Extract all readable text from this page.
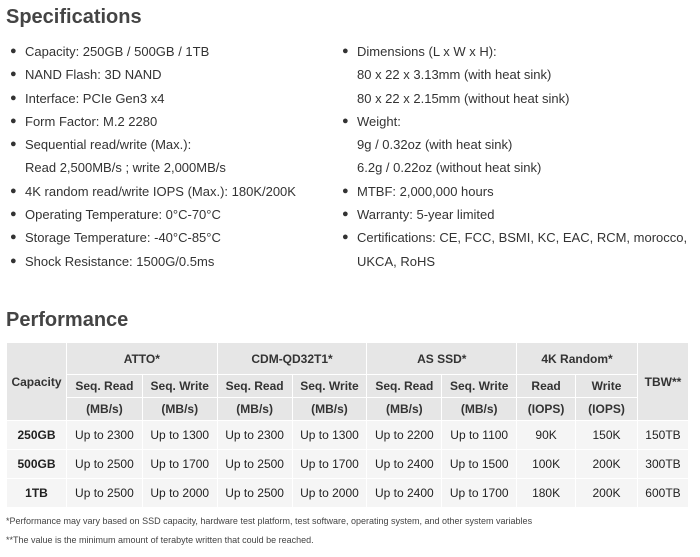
Specifications
● Capacity: 250GB / 500GB / 1TB
● NAND Flash: 3D NAND
● Interface: PCIe Gen3 x4
● Form Factor: M.2 2280
● Sequential read/write (Max.):
Read 2,500MB/s ; write 2,000MB/s
● 4K random read/write IOPS (Max.): 180K/200K
● Operating Temperature: 0°C-70°C
● Storage Temperature: -40°C-85°C
● Shock Resistance: 1500G/0.5ms
● Dimensions (L x W x H):
80 x 22 x 3.13mm (with heat sink)
80 x 22 x 2.15mm (without heat sink)
● Weight:
9g / 0.32oz (with heat sink)
6.2g / 0.22oz (without heat sink)
● MTBF: 2,000,000 hours
● Warranty: 5-year limited
● Certifications: CE, FCC, BSMI, KC, EAC, RCM, morocco,
UKCA, RoHS
Performance
Capacity	ATTO*		CDM-QD32T1*		AS SSD*		4K Random*		TBW**
	Seq. Read	Seq. Write	Seq. Read	Seq. Write	Seq. Read	Seq. Write	Read	Write	
	(MB/s)	(MB/s)	(MB/s)	(MB/s)	(MB/s)	(MB/s)	(IOPS)	(IOPS)	
250GB	Up to 2300	Up to 1300	Up to 2300	Up to 1300	Up to 2200	Up to 1100	90K	150K	150TB
500GB	Up to 2500	Up to 1700	Up to 2500	Up to 1700	Up to 2400	Up to 1500	100K	200K	300TB
1TB	Up to 2500	Up to 2000	Up to 2500	Up to 2000	Up to 2400	Up to 1700	180K	200K	600TB
*Performance may vary based on SSD capacity, hardware test platform, test software, operating system, and other system variables
**The value is the minimum amount of terabyte written that could be reached.
